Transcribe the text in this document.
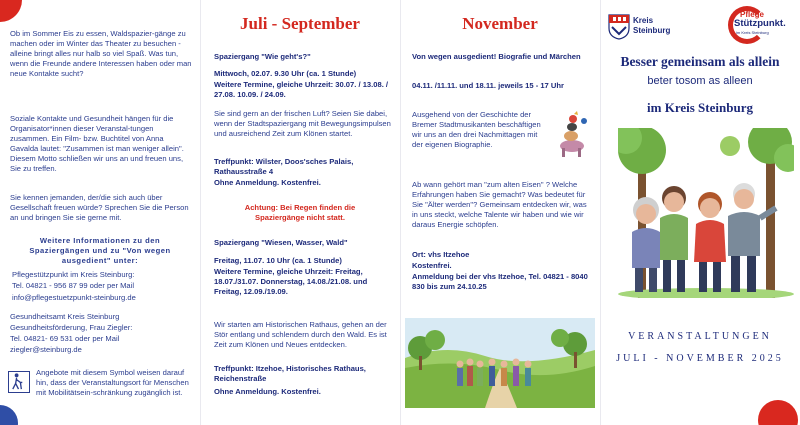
Ob im Sommer Eis zu essen, Waldspazier-gänge zu machen oder im Winter das Theater zu besuchen - alleine bringt alles nur halb so viel Spaß. Was tun, wenn die Freunde andere Interessen haben oder man neue Kontakte sucht?

Soziale Kontakte und Gesundheit hängen für die Organisator*innen dieser Veranstal-tungen zusammen. Ein Film- bzw. Buchtitel von Anna Gavalda lautet: "Zusammen ist man weniger allein". Diesem Motto schließen wir uns an und freuen uns, Sie zu treffen.

Sie kennen jemanden, der/die sich auch über Gesellschaft freuen würde? Sprechen Sie die Person an und bringen Sie sie gerne mit.

Weitere Informationen zu den Spaziergängen und zu "Von wegen ausgedient" unter:

Pflegestützpunkt im Kreis Steinburg:

Tel. 04821 - 956 87 99 oder per Mail

info@pflegestuetzpunkt-steinburg.de

Gesundheitsamt Kreis Steinburg

Gesundheitsförderung, Frau Ziegler:

Tel. 04821- 69 531 oder per Mail

ziegler@steinburg.de

Angebote mit diesem Symbol weisen darauf hin, dass der Veranstaltungsort für Menschen mit Mobilitätsein-schränkung zugänglich ist.

Juli - September

Spaziergang "Wie geht's?"

Mittwoch, 02.07. 9.30 Uhr (ca. 1 Stunde)

Weitere Termine, gleiche Uhrzeit: 30.07. / 13.08. / 27.08. 10.09. / 24.09.

Sie sind gern an der frischen Luft? Seien Sie dabei, wenn der Stadtspaziergang mit Bewegungsimpulsen und ausreichend Zeit zum Klönen startet.

Treffpunkt: Wilster, Doos'sches Palais, Rathausstraße 4

Ohne Anmeldung. Kostenfrei.

Achtung: Bei Regen finden die Spaziergänge nicht statt.

Spaziergang "Wiesen, Wasser, Wald"

Freitag, 11.07. 10 Uhr (ca. 1 Stunde)

Weitere Termine, gleiche Uhrzeit: Freitag, 18.07./31.07. Donnerstag, 14.08./21.08. und Freitag, 12.09./19.09.

Wir starten am Historischen Rathaus, gehen an der Stör entlang und schlendern durch den Wald. Es ist Zeit zum Klönen und Neues entdecken.

Treffpunkt: Itzehoe, Historisches Rathaus, Reichenstraße

Ohne Anmeldung. Kostenfrei.

November

Von wegen ausgedient! Biografie und Märchen

04.11. /11.11. und 18.11. jeweils 15 - 17 Uhr

Ausgehend von der Geschichte der Bremer Stadtmusikanten beschäftigen wir uns an den drei Nachmittagen mit der eigenen Biographie.

Ab wann gehört man "zum alten Eisen" ? Welche Erfahrungen haben Sie gemacht? Was bedeutet für Sie "Älter werden"? Gemeinsam entdecken wir, was in uns steckt, welche Talente wir haben und wie wir daraus Energie schöpfen.

Ort: vhs Itzehoe

Kostenfrei.

Anmeldung bei der vhs Itzehoe, Tel. 04821 - 8040 830 bis zum 24.10.25

Kreis
Steinburg
Pflege
Stützpunkt.
im Kreis Steinburg
Besser gemeinsam als allein
beter tosom as alleen
im Kreis Steinburg
VERANSTALTUNGEN
JULI - NOVEMBER 2025
